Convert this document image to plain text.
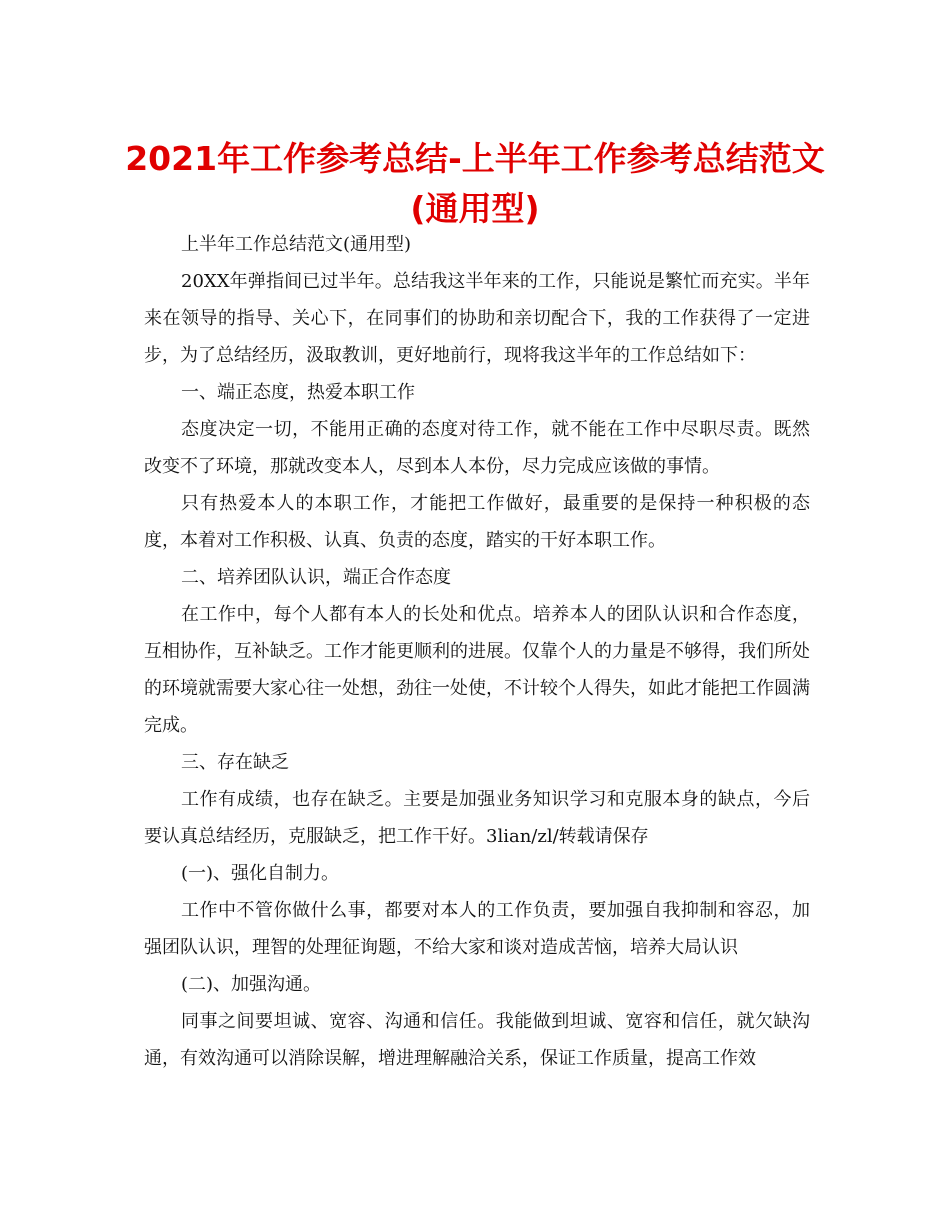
2021年工作参考总结-上半年工作参考总结范文(通用型)

上半年工作总结范文(通用型)

20XX年弹指间已过半年。总结我这半年来的工作，只能说是繁忙而充实。半年来在领导的指导、关心下，在同事们的协助和亲切配合下，我的工作获得了一定进步，为了总结经历，汲取教训，更好地前行，现将我这半年的工作总结如下：

一、端正态度，热爱本职工作

态度决定一切，不能用正确的态度对待工作，就不能在工作中尽职尽责。既然改变不了环境，那就改变本人，尽到本人本份，尽力完成应该做的事情。

只有热爱本人的本职工作，才能把工作做好，最重要的是保持一种积极的态度，本着对工作积极、认真、负责的态度，踏实的干好本职工作。

二、培养团队认识，端正合作态度

在工作中，每个人都有本人的长处和优点。培养本人的团队认识和合作态度，互相协作，互补缺乏。工作才能更顺利的进展。仅靠个人的力量是不够得，我们所处的环境就需要大家心往一处想，劲往一处使，不计较个人得失，如此才能把工作圆满完成。

三、存在缺乏

工作有成绩，也存在缺乏。主要是加强业务知识学习和克服本身的缺点，今后要认真总结经历，克服缺乏，把工作干好。3lian/zl/转载请保存

(一)、强化自制力。

工作中不管你做什么事，都要对本人的工作负责，要加强自我抑制和容忍，加强团队认识，理智的处理征询题，不给大家和谈对造成苦恼，培养大局认识

(二)、加强沟通。

同事之间要坦诚、宽容、沟通和信任。我能做到坦诚、宽容和信任，就欠缺沟通，有效沟通可以消除误解，增进理解融洽关系，保证工作质量，提高工作效
